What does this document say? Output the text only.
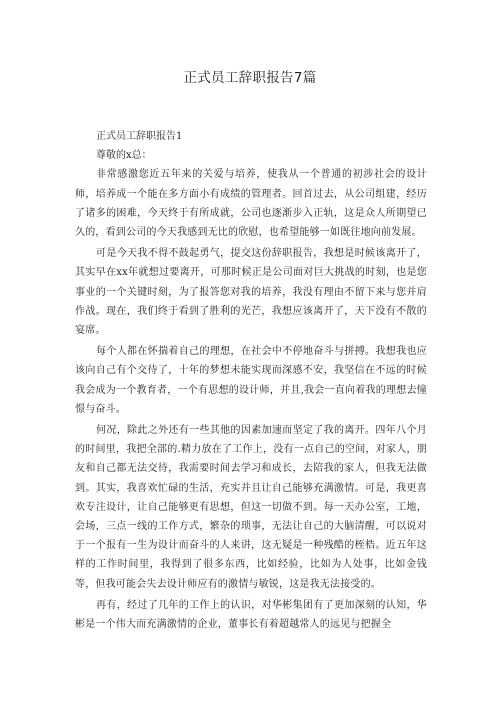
正式员工辞职报告7篇

正式员工辞职报告1

尊敬的x总：

非常感激您近五年来的关爱与培养，使我从一个普通的初涉社会的设计师，培养成一个能在多方面小有成绩的管理者。回首过去，从公司组建，经历了诸多的困难，今天终于有所成就，公司也逐渐步入正轨，这是众人所期望已久的，看到公司的今天我感到无比的欣慰，也希望能够一如既往地向前发展。

可是今天我不得不鼓起勇气，提交这份辞职报告，我想是时候该离开了，其实早在xx年就想过要离开，可那时候正是公司面对巨大挑战的时刻，也是您事业的一个关键时刻，为了报答您对我的培养，我没有理由不留下来与您并肩作战。现在，我们终于看到了胜利的光芒，我想应该离开了，天下没有不散的宴席。

每个人都在怀揣着自己的理想，在社会中不停地奋斗与拼搏。我想我也应该向自己有个交待了，十年的梦想未能实现而深感不安，我坚信在不远的时候我会成为一个教育者，一个有思想的设计师，并且,我会一直向着我的理想去憧憬与奋斗。

何况，除此之外还有一些其他的因素加速而坚定了我的离开。四年八个月的时间里，我把全部的.精力放在了工作上，没有一点自己的空间，对家人，朋友和自己都无法交待，我需要时间去学习和成长，去陪我的家人，但我无法做到。其实，我喜欢忙碌的生活，充实并且让自己能够充满激情。可是，我更喜欢专注设计，让自己能够更有思想，但这一切做不到。每一天办公室，工地，会场，三点一线的工作方式，繁杂的琐事，无法让自己的大脑清醒，可以说对于一个报有一生为设计而奋斗的人来讲，这无疑是一种残酷的桎梏。近五年这样的工作时间里，我得到了很多东西，比如经验，比如为人处事，比如金钱等，但我可能会失去设计师应有的激情与敏锐，这是我无法接受的。

再有，经过了几年的工作上的认识，对华彬集团有了更加深刻的认知，华彬是一个伟大而充满激情的企业，董事长有着超越常人的远见与把握全
